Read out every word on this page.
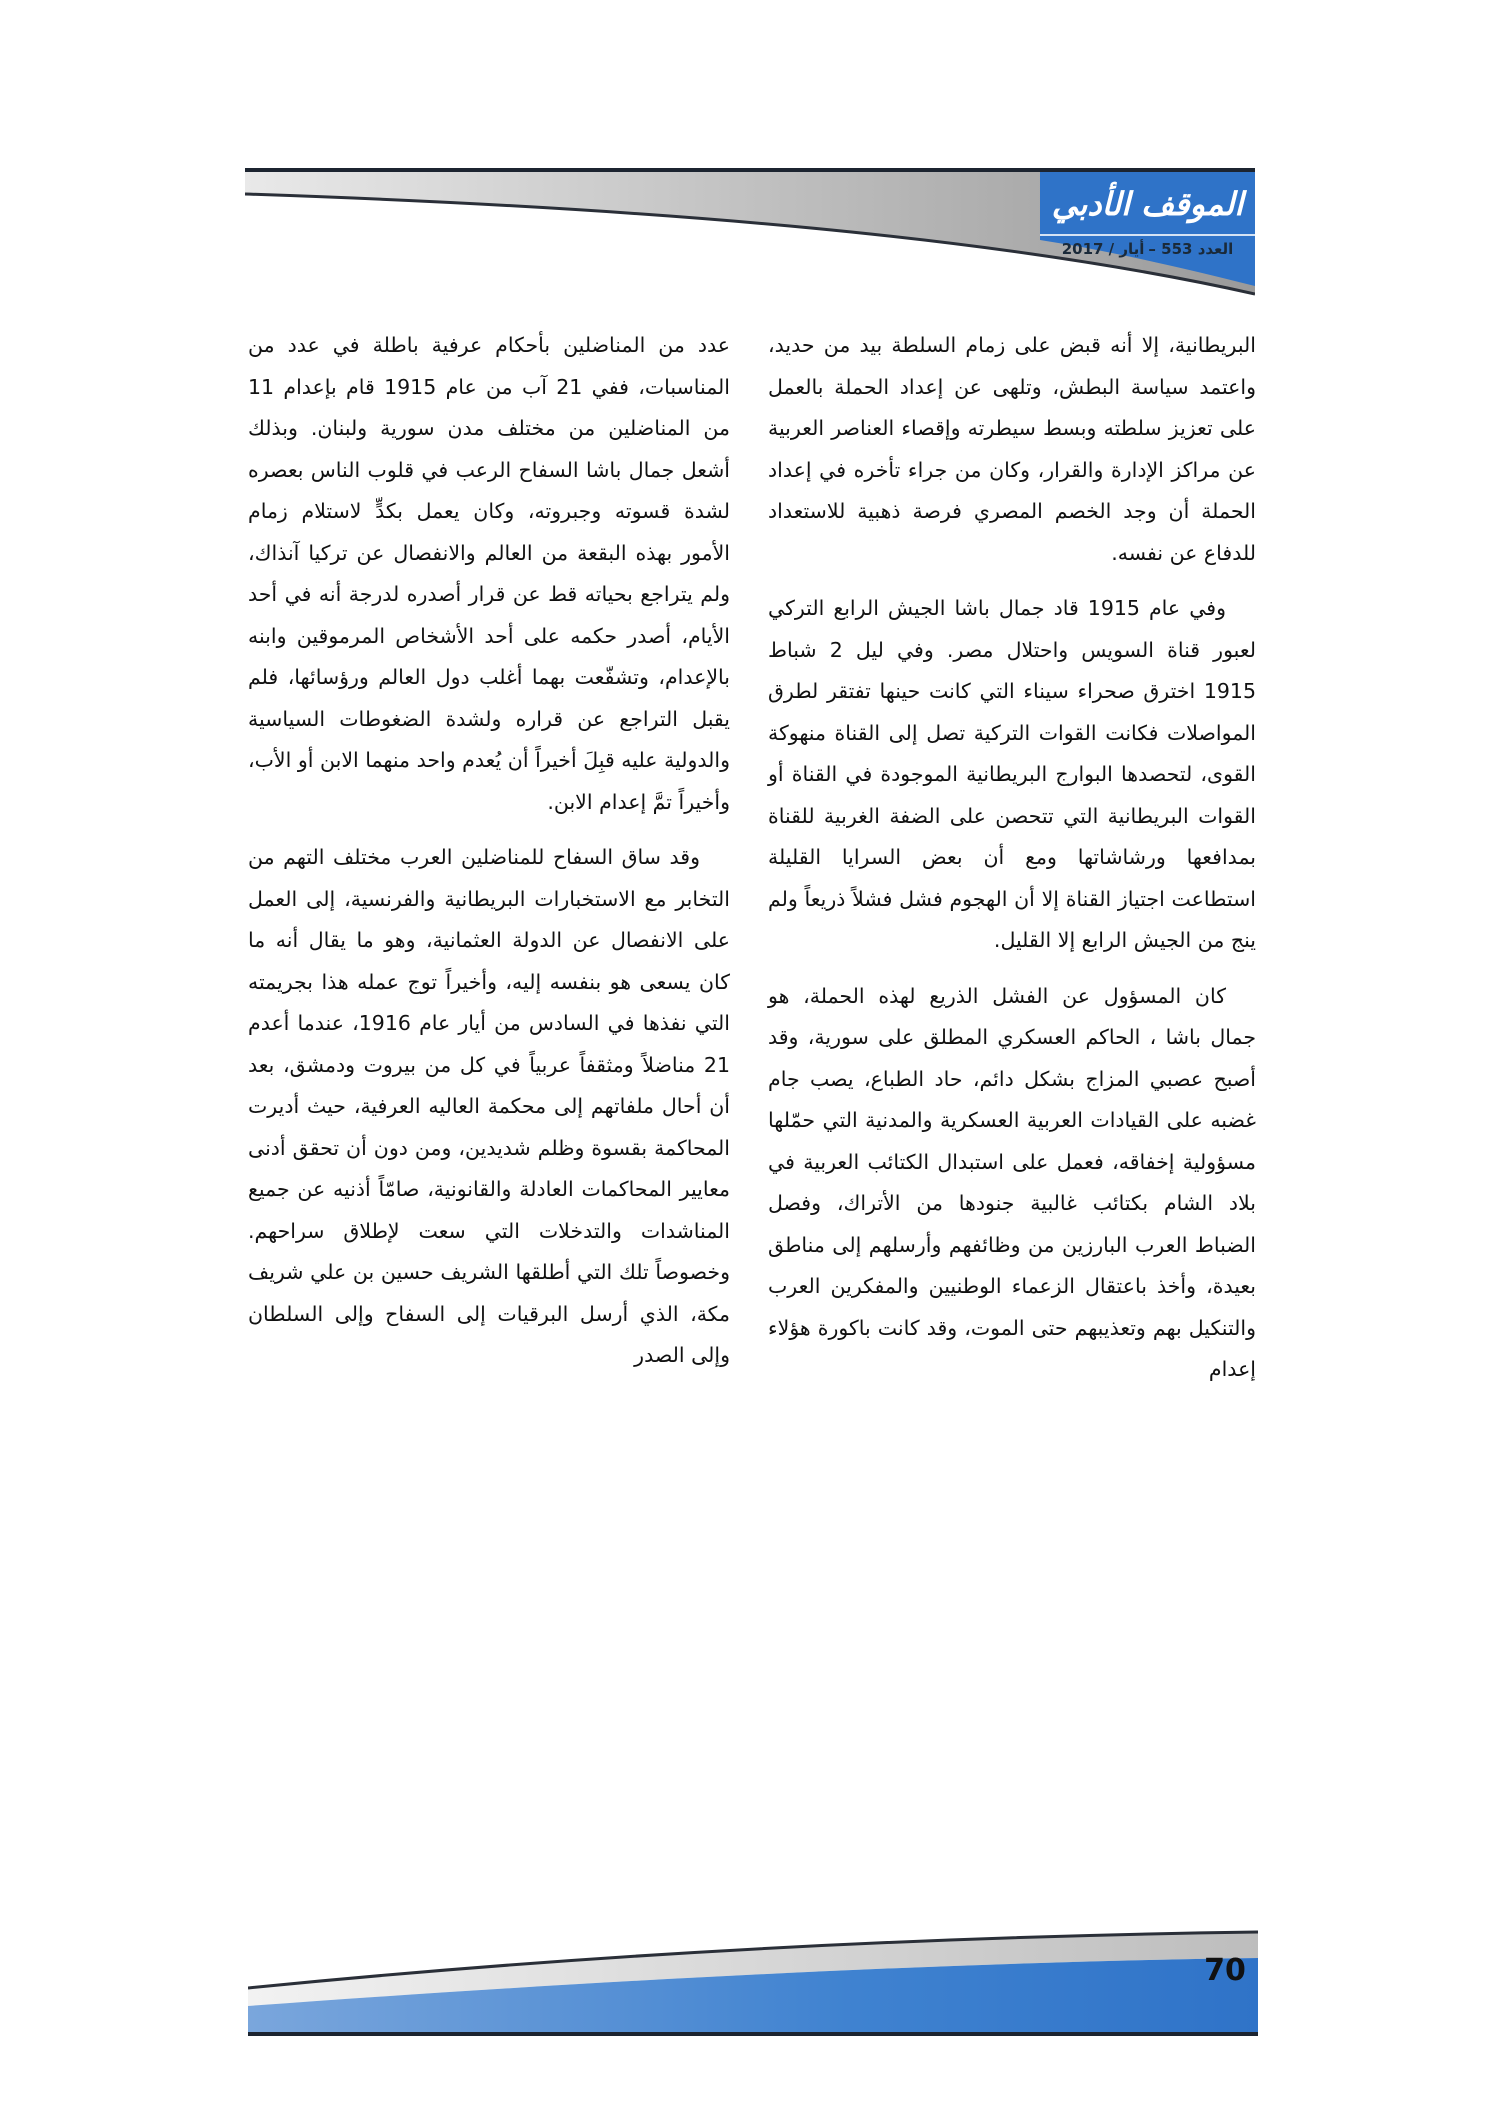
الموقف الأدبي
العدد 553 –
أيار / 2017

البريطانية، إلا أنه قبض على زمام السلطة بيد من حديد، واعتمد سياسة البطش، وتلهى عن إعداد الحملة بالعمل على تعزيز سلطته وبسط سيطرته وإقصاء العناصر العربية عن مراكز الإدارة والقرار، وكان من جراء تأخره في إعداد الحملة أن وجد الخصم المصري فرصة ذهبية للاستعداد للدفاع عن نفسه.

وفي عام 1915 قاد جمال باشا الجيش الرابع التركي لعبور قناة السويس واحتلال مصر. وفي ليل 2 شباط 1915 اخترق صحراء سيناء التي كانت حينها تفتقر لطرق المواصلات فكانت القوات التركية تصل إلى القناة منهوكة القوى، لتحصدها البوارج البريطانية الموجودة في القناة أو القوات البريطانية التي تتحصن على الضفة الغربية للقناة بمدافعها ورشاشاتها ومع أن بعض السرايا القليلة استطاعت اجتياز القناة إلا أن الهجوم فشل فشلاً ذريعاً ولم ينج من الجيش الرابع إلا القليل.

كان المسؤول عن الفشل الذريع لهذه الحملة، هو جمال باشا ، الحاكم العسكري المطلق على سورية، وقد أصبح عصبي المزاج بشكل دائم، حاد الطباع، يصب جام غضبه على القيادات العربية العسكرية والمدنية التي حمّلها مسؤولية إخفاقه، فعمل على استبدال الكتائب العربية في بلاد الشام بكتائب غالبية جنودها من الأتراك، وفصل الضباط العرب البارزين من وظائفهم وأرسلهم إلى مناطق بعيدة، وأخذ باعتقال الزعماء الوطنيين والمفكرين العرب والتنكيل بهم وتعذيبهم حتى الموت، وقد كانت باكورة هؤلاء إعدام

عدد من المناضلين بأحكام عرفية باطلة في عدد من المناسبات، ففي 21 آب من عام 1915 قام بإعدام 11 من المناضلين من مختلف مدن سورية ولبنان. وبذلك أشعل جمال باشا السفاح الرعب في قلوب الناس بعصره لشدة قسوته وجبروته، وكان يعمل بكدٍّ لاستلام زمام الأمور بهذه البقعة من العالم والانفصال عن تركيا آنذاك، ولم يتراجع بحياته قط عن قرار أصدره لدرجة أنه في أحد الأيام، أصدر حكمه على أحد الأشخاص المرموقين وابنه بالإعدام، وتشفّعت بهما أغلب دول العالم ورؤسائها، فلم يقبل التراجع عن قراره ولشدة الضغوطات السياسية والدولية عليه قبِلَ أخيراً أن يُعدم واحد منهما الابن أو الأب، وأخيراً تمَّ إعدام الابن.

وقد ساق السفاح للمناضلين العرب مختلف التهم من التخابر مع الاستخبارات البريطانية والفرنسية، إلى العمل على الانفصال عن الدولة العثمانية، وهو ما يقال أنه ما كان يسعى هو بنفسه إليه، وأخيراً توج عمله هذا بجريمته التي نفذها في السادس من أيار عام 1916، عندما أعدم 21 مناضلاً ومثقفاً عربياً في كل من بيروت ودمشق، بعد أن أحال ملفاتهم إلى محكمة العاليه العرفية، حيث أديرت المحاكمة بقسوة وظلم شديدين، ومن دون أن تحقق أدنى معايير المحاكمات العادلة والقانونية، صامّاً أذنيه عن جميع المناشدات والتدخلات التي سعت لإطلاق سراحهم. وخصوصاً تلك التي أطلقها الشريف حسين بن علي شريف مكة، الذي أرسل البرقيات إلى السفاح وإلى السلطان وإلى الصدر

70
